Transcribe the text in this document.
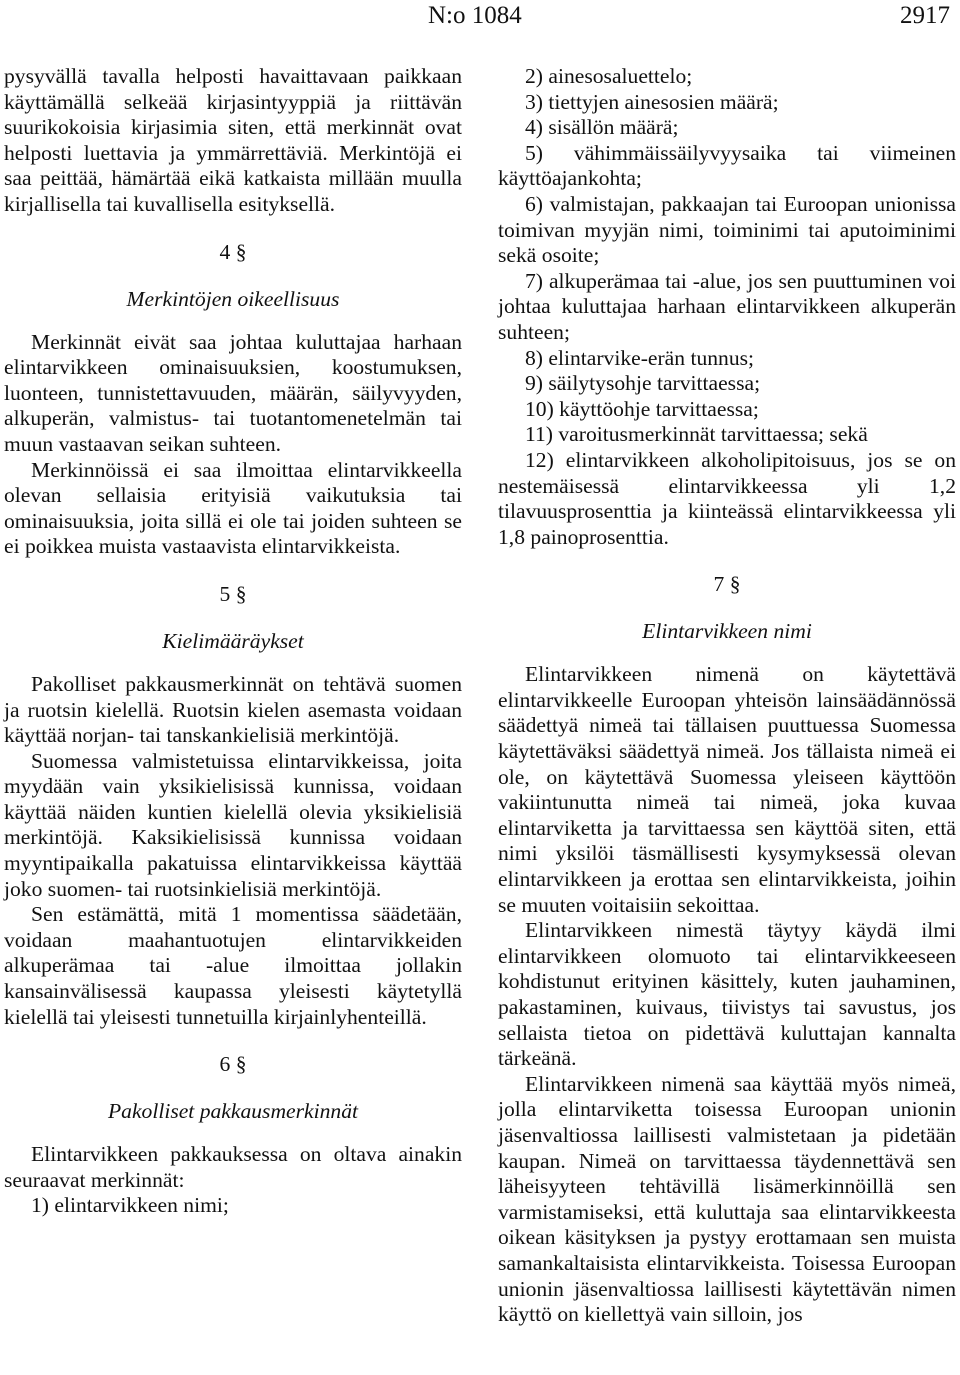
N:o 1084	2917

pysyvällä tavalla helposti havaittavaan paikkaan käyttämällä selkeää kirjasintyyppiä ja riittävän suurikokoisia kirjasimia siten, että merkinnät ovat helposti luettavia ja ymmärrettäviä. Merkintöjä ei saa peittää, hämärtää eikä katkaista millään muulla kirjallisella tai kuvallisella esityksellä.

4 §
Merkintöjen oikeellisuus

Merkinnät eivät saa johtaa kuluttajaa harhaan elintarvikkeen ominaisuuksien, koostumuksen, luonteen, tunnistettavuuden, määrän, säilyvyyden, alkuperän, valmistus- tai tuotantomenetelmän tai muun vastaavan seikan suhteen.

Merkinnöissä ei saa ilmoittaa elintarvikkeella olevan sellaisia erityisiä vaikutuksia tai ominaisuuksia, joita sillä ei ole tai joiden suhteen se ei poikkea muista vastaavista elintarvikkeista.

5 §
Kielimääräykset

Pakolliset pakkausmerkinnät on tehtävä suomen ja ruotsin kielellä. Ruotsin kielen asemasta voidaan käyttää norjan- tai tanskankielisiä merkintöjä.

Suomessa valmistetuissa elintarvikkeissa, joita myydään vain yksikielisissä kunnissa, voidaan käyttää näiden kuntien kielellä olevia yksikielisiä merkintöjä. Kaksikielisissä kunnissa voidaan myyntipaikalla pakatuissa elintarvikkeissa käyttää joko suomen- tai ruotsinkielisiä merkintöjä.

Sen estämättä, mitä 1 momentissa säädetään, voidaan maahantuotujen elintarvikkeiden alkuperämaa tai -alue ilmoittaa jollakin kansainvälisessä kaupassa yleisesti käytetyllä kielellä tai yleisesti tunnetuilla kirjainlyhenteillä.

6 §
Pakolliset pakkausmerkinnät

Elintarvikkeen pakkauksessa on oltava ainakin seuraavat merkinnät:

1) elintarvikkeen nimi;

2) ainesosaluettelo;

3) tiettyjen ainesosien määrä;

4) sisällön määrä;

5) vähimmäissäilyvyysaika tai viimeinen käyttöajankohta;

6) valmistajan, pakkaajan tai Euroopan unionissa toimivan myyjän nimi, toiminimi tai aputoiminimi sekä osoite;

7) alkuperämaa tai -alue, jos sen puuttuminen voi johtaa kuluttajaa harhaan elintarvikkeen alkuperän suhteen;

8) elintarvike-erän tunnus;

9) säilytysohje tarvittaessa;

10) käyttöohje tarvittaessa;

11) varoitusmerkinnät tarvittaessa; sekä

12) elintarvikkeen alkoholipitoisuus, jos se on nestemäisessä elintarvikkeessa yli 1,2 tilavuusprosenttia ja kiinteässä elintarvikkeessa yli 1,8 painoprosenttia.

7 §
Elintarvikkeen nimi

Elintarvikkeen nimenä on käytettävä elintarvikkeelle Euroopan yhteisön lainsäädännössä säädettyä nimeä tai tällaisen puuttuessa Suomessa käytettäväksi säädettyä nimeä. Jos tällaista nimeä ei ole, on käytettävä Suomessa yleiseen käyttöön vakiintunutta nimeä tai nimeä, joka kuvaa elintarviketta ja tarvittaessa sen käyttöä siten, että nimi yksilöi täsmällisesti kysymyksessä olevan elintarvikkeen ja erottaa sen elintarvikkeista, joihin se muuten voitaisiin sekoittaa.

Elintarvikkeen nimestä täytyy käydä ilmi elintarvikkeen olomuoto tai elintarvikkeeseen kohdistunut erityinen käsittely, kuten jauhaminen, pakastaminen, kuivaus, tiivistys tai savustus, jos sellaista tietoa on pidettävä kuluttajan kannalta tärkeänä.

Elintarvikkeen nimenä saa käyttää myös nimeä, jolla elintarviketta toisessa Euroopan unionin jäsenvaltiossa laillisesti valmistetaan ja pidetään kaupan. Nimeä on tarvittaessa täydennettävä sen läheisyyteen tehtävillä lisämerkinnöillä sen varmistamiseksi, että kuluttaja saa elintarvikkeesta oikean käsityksen ja pystyy erottamaan sen muista samankaltaisista elintarvikkeista. Toisessa Euroopan unionin jäsenvaltiossa laillisesti käytettävän nimen käyttö on kiellettyä vain silloin, jos
